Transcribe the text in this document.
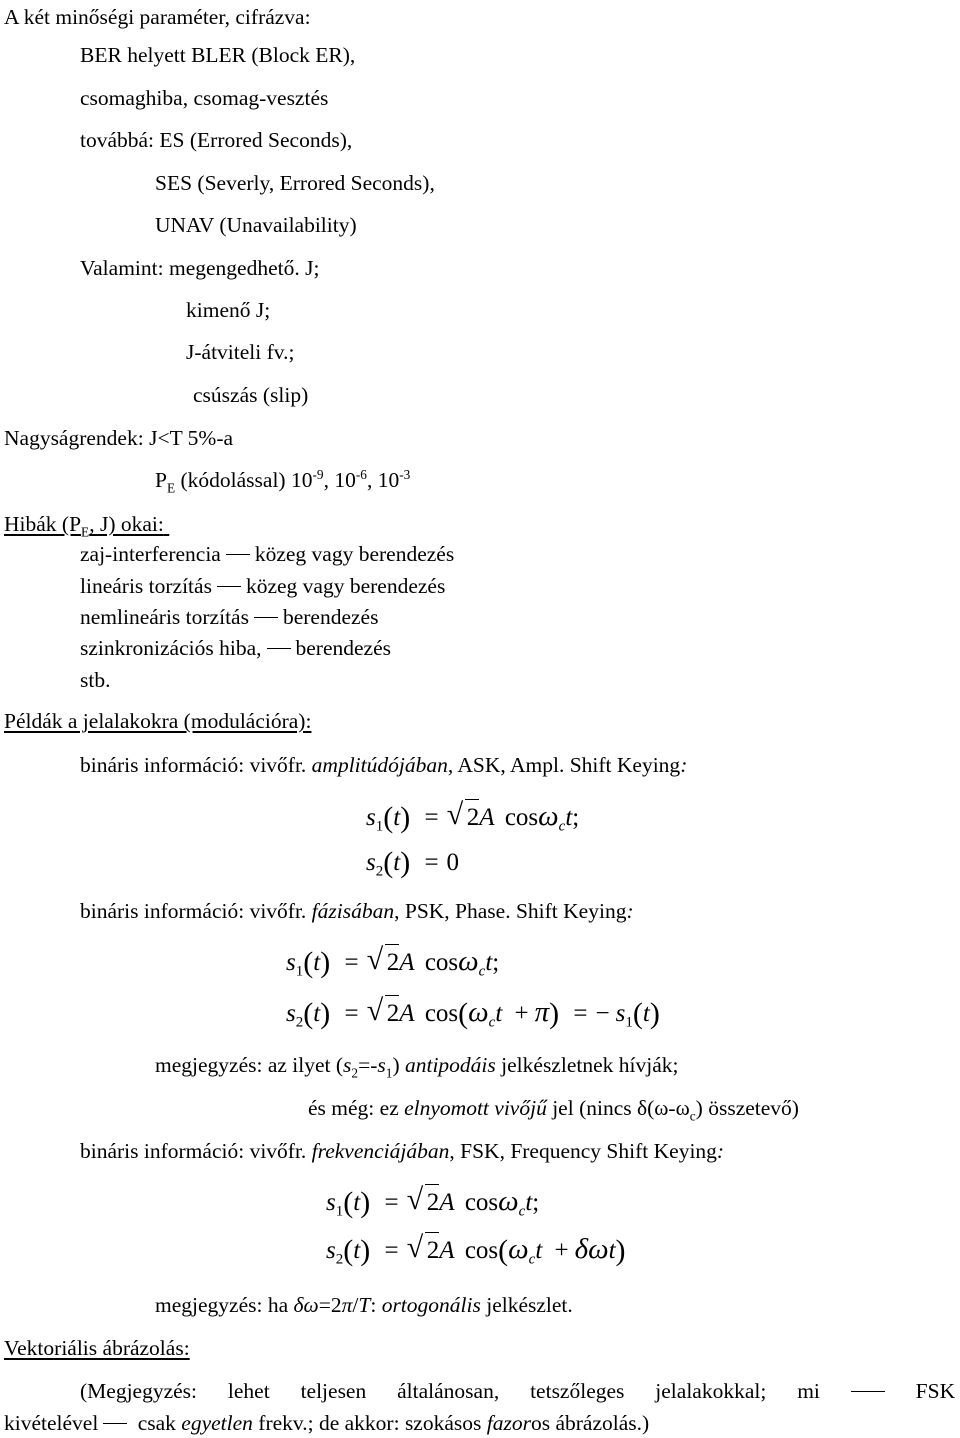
A két minőségi paraméter, cifrázva:
BER helyett BLER (Block ER),
csomaghiba, csomag-vesztés
továbbá: ES (Errored Seconds),
SES (Severly, Errored Seconds),
UNAV (Unavailability)
Valamint: megengedhető. J;
kimenő J;
J-átviteli fv.;
csúszás (slip)
Nagyságrendek: J<T 5%-a
$P_E$ (kódolással) $10^{-9}$, $10^{-6}$, $10^{-3}$
Hibák ($P_E$, J) okai:
zaj-interferencia közeg vagy berendezés
lineáris torzítás közeg vagy berendezés
nemlineáris torzítás berendezés
szinkronizációs hiba, berendezés
stb.
Példák a jelalakokra (modulációra):
bináris információ: vivőfr. amplitúdójában, ASK, Ampl. Shift Keying:
$s_1(t)$ = √ 2A cosω$_c$t;
$s_2(t) = 0$
bináris információ: vivőfr. fázisában, PSK, Phase. Shift Keying:
$s_1(t)$ = √ 2A cosω$_c$t;
$s_2(t)$ = √ 2A $\cos(\omega_ct + \pi)$ = − $s_1(t)$
megjegyzés: az ilyet $(s_2=-s_1)$ antipodáis jelkészletnek hívják;
és még: ez elnyomott vivőjű jel (nincs $\delta(\omega-\omega_c)$ összetevő)
bináris információ: vivőfr. frekvenciájában, FSK, Frequency Shift Keying:
$s_1(t)$ = √ 2A cosω$_c$t;
$s_2(t)$ = √ 2A $\cos(\omega_ct + \delta\omega t)$
megjegyzés: ha δω=2π/T: ortogonális jelkészlet.
Vektoriális ábrázolás:
(Megjegyzés: lehet teljesen általánosan, tetszőleges jelalakokkal; mi	FSK
kivételével csak egyetlen frekv.; de akkor: szokásos fazoros ábrázolás.)
